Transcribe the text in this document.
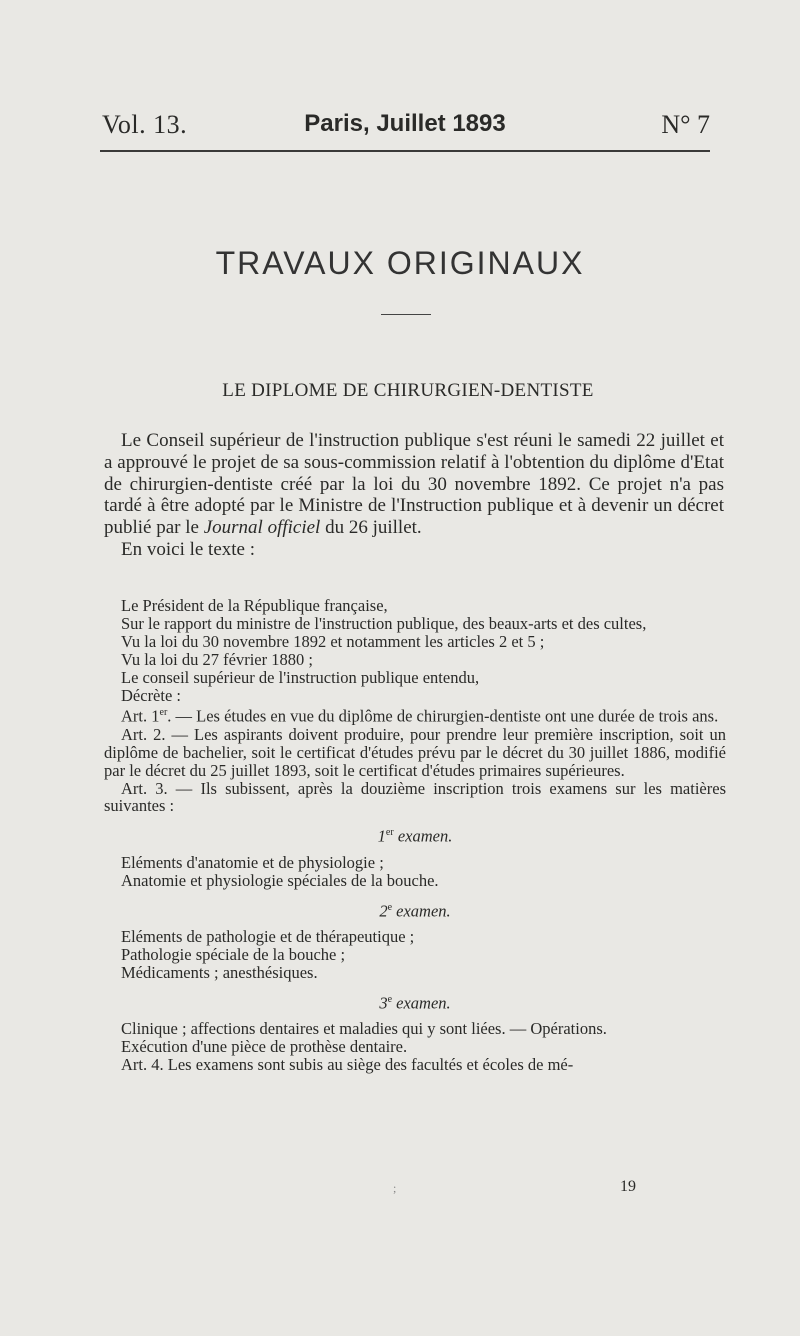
Vol. 13.	Paris, Juillet 1893	N° 7
TRAVAUX ORIGINAUX
LE DIPLOME DE CHIRURGIEN-DENTISTE

Le Conseil supérieur de l'instruction publique s'est réuni le samedi 22 juillet et a approuvé le projet de sa sous-commission relatif à l'obtention du diplôme d'Etat de chirurgien-dentiste créé par la loi du 30 novembre 1892. Ce projet n'a pas tardé à être adopté par le Ministre de l'Instruction publique et à devenir un décret publié par le Journal officiel du 26 juillet.

En voici le texte :

Le Président de la République française,

Sur le rapport du ministre de l'instruction publique, des beaux-arts et des cultes,

Vu la loi du 30 novembre 1892 et notamment les articles 2 et 5 ;

Vu la loi du 27 février 1880 ;

Le conseil supérieur de l'instruction publique entendu,

Décrète :

Art. 1er. — Les études en vue du diplôme de chirurgien-dentiste ont une durée de trois ans.

Art. 2. — Les aspirants doivent produire, pour prendre leur première inscription, soit un diplôme de bachelier, soit le certificat d'études prévu par le décret du 30 juillet 1886, modifié par le décret du 25 juillet 1893, soit le certificat d'études primaires supérieures.

Art. 3. — Ils subissent, après la douzième inscription trois examens sur les matières suivantes :

1er examen.

Eléments d'anatomie et de physiologie ;

Anatomie et physiologie spéciales de la bouche.

2e examen.

Eléments de pathologie et de thérapeutique ;

Pathologie spéciale de la bouche ;

Médicaments ; anesthésiques.

3e examen.

Clinique ; affections dentaires et maladies qui y sont liées. — Opérations.

Exécution d'une pièce de prothèse dentaire.

Art. 4. Les examens sont subis au siège des facultés et écoles de mé-

;	19
